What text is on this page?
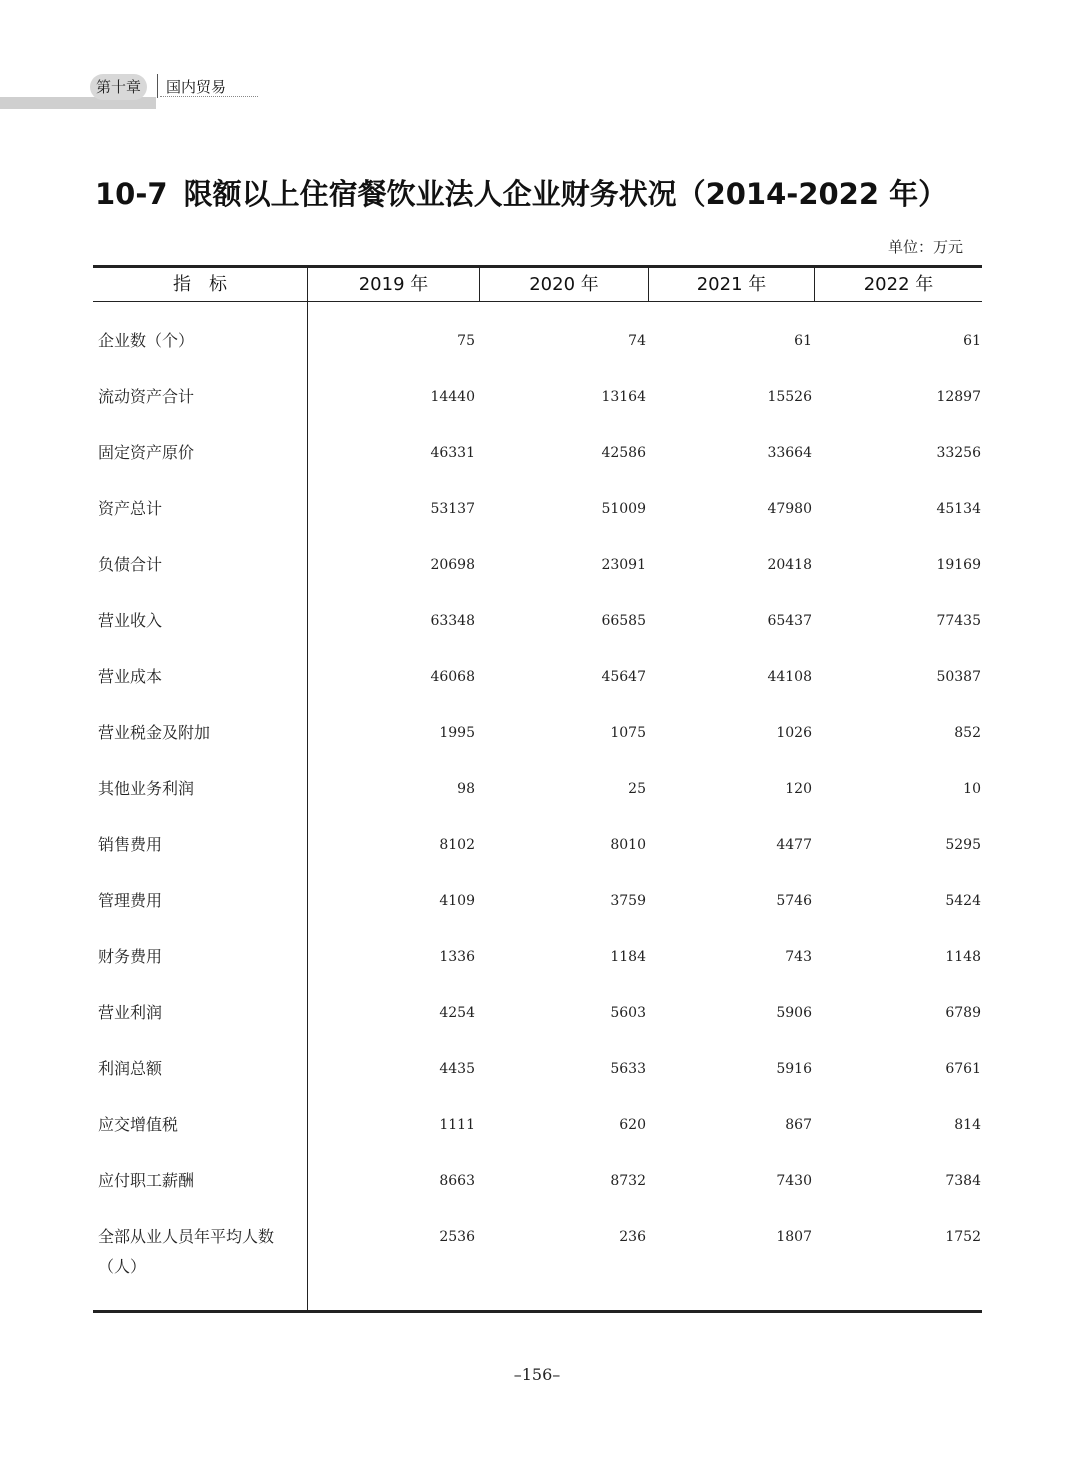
第十章	国内贸易
10-7 限额以上住宿餐饮业法人企业财务状况（2014-2022 年）
单位：万元
指　标	2019 年	2020 年	2021 年	2022 年
企业数（个）	75	74	61	61
流动资产合计	14440	13164	15526	12897
固定资产原价	46331	42586	33664	33256
资产总计	53137	51009	47980	45134
负债合计	20698	23091	20418	19169
营业收入	63348	66585	65437	77435
营业成本	46068	45647	44108	50387
营业税金及附加	1995	1075	1026	852
其他业务利润	98	25	120	10
销售费用	8102	8010	4477	5295
管理费用	4109	3759	5746	5424
财务费用	1336	1184	743	1148
营业利润	4254	5603	5906	6789
利润总额	4435	5633	5916	6761
应交增值税	1111	620	867	814
应付职工薪酬	8663	8732	7430	7384
全部从业人员年平均人数（人）
2536	236	1807	1752
–156–
